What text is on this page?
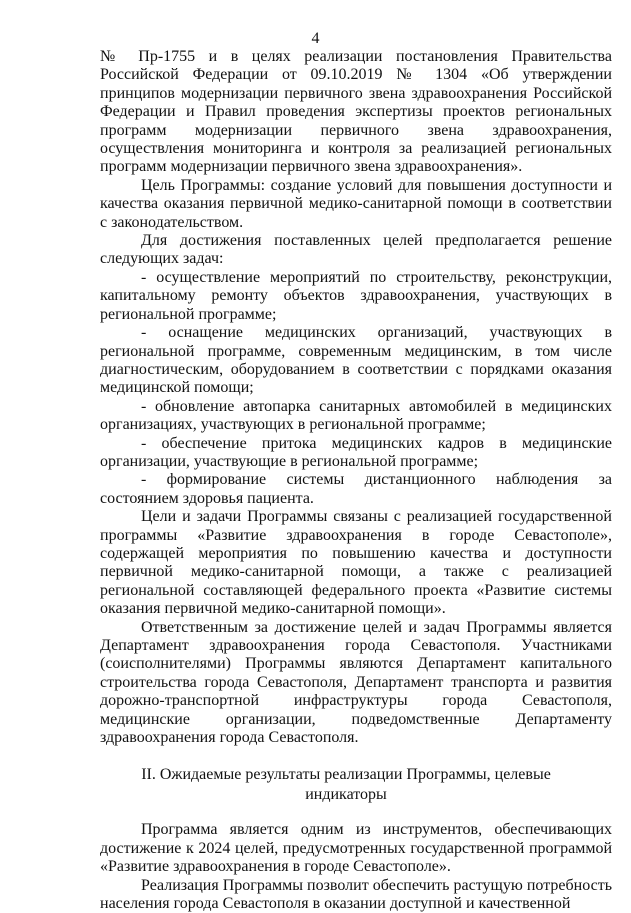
4

№ Пр-1755 и в целях реализации постановления Правительства Российской Федерации от 09.10.2019 № 1304 «Об утверждении принципов модернизации первичного звена здравоохранения Российской Федерации и Правил проведения экспертизы проектов региональных программ модернизации первичного звена здравоохранения, осуществления мониторинга и контроля за реализацией региональных программ модернизации первичного звена здравоохранения».

Цель Программы: создание условий для повышения доступности и качества оказания первичной медико-санитарной помощи в соответствии с законодательством.

Для достижения поставленных целей предполагается решение следующих задач:

- осуществление мероприятий по строительству, реконструкции, капитальному ремонту объектов здравоохранения, участвующих в региональной программе;

- оснащение медицинских организаций, участвующих в региональной программе, современным медицинским, в том числе диагностическим, оборудованием в соответствии с порядками оказания медицинской помощи;

- обновление автопарка санитарных автомобилей в медицинских организациях, участвующих в региональной программе;

- обеспечение притока медицинских кадров в медицинские организации, участвующие в региональной программе;

- формирование системы дистанционного наблюдения за состоянием здоровья пациента.

Цели и задачи Программы связаны с реализацией государственной программы «Развитие здравоохранения в городе Севастополе», содержащей мероприятия по повышению качества и доступности первичной медико-санитарной помощи, а также с реализацией региональной составляющей федерального проекта «Развитие системы оказания первичной медико-санитарной помощи».

Ответственным за достижение целей и задач Программы является Департамент здравоохранения города Севастополя. Участниками (соисполнителями) Программы являются Департамент капитального строительства города Севастополя, Департамент транспорта и развития дорожно-транспортной инфраструктуры города Севастополя, медицинские организации, подведомственные Департаменту здравоохранения города Севастополя.

II. Ожидаемые результаты реализации Программы, целевые индикаторы

Программа является одним из инструментов, обеспечивающих достижение к 2024 целей, предусмотренных государственной программой «Развитие здравоохранения в городе Севастополе».

Реализация Программы позволит обеспечить растущую потребность населения города Севастополя в оказании доступной и качественной
